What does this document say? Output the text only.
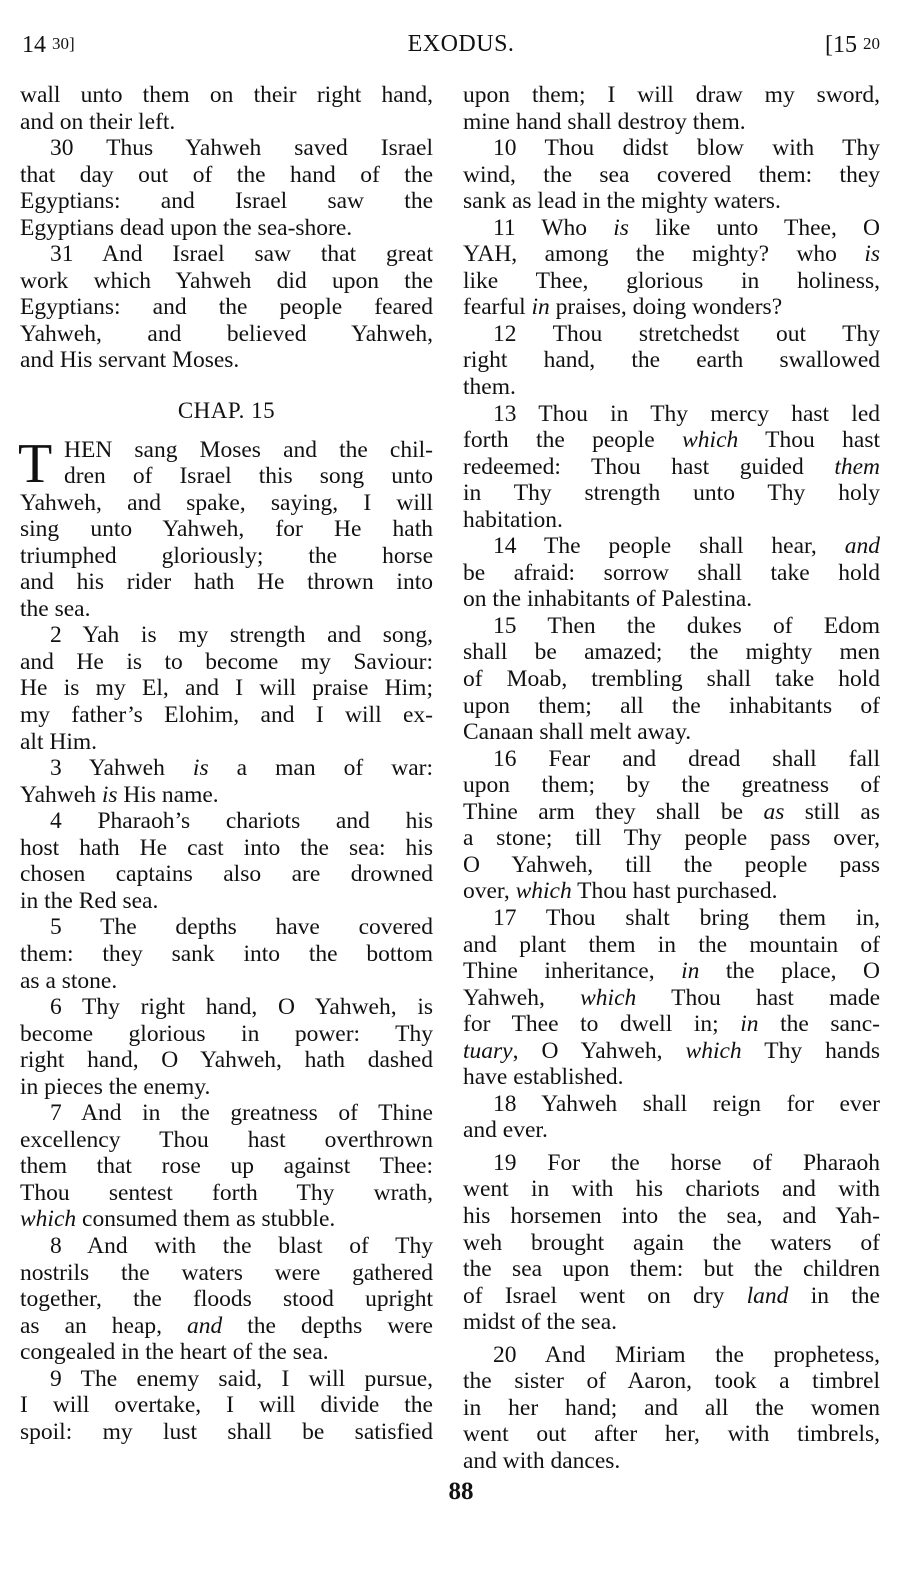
14 30]	EXODUS.	[15 20
wall unto them on their right hand,
and on their left.
30 Thus Yahweh saved Israel
that day out of the hand of the
Egyptians: and Israel saw the
Egyptians dead upon the sea-shore.
31 And Israel saw that great
work which Yahweh did upon the
Egyptians: and the people feared
Yahweh, and believed Yahweh,
and His servant Moses.
CHAP. 15
T HEN sang Moses and the chil-
dren of Israel this song unto
Yahweh, and spake, saying, I will
sing unto Yahweh, for He hath
triumphed gloriously; the horse
and his rider hath He thrown into
the sea.
2 Yah is my strength and song,
and He is to become my Saviour:
He is my El, and I will praise Him;
my father’s Elohim, and I will ex-
alt Him.
3 Yahweh is a man of war:
Yahweh is His name.
4 Pharaoh’s chariots and his
host hath He cast into the sea: his
chosen captains also are drowned
in the Red sea.
5 The depths have covered
them: they sank into the bottom
as a stone.
6 Thy right hand, O Yahweh, is
become glorious in power: Thy
right hand, O Yahweh, hath dashed
in pieces the enemy.
7 And in the greatness of Thine
excellency Thou hast overthrown
them that rose up against Thee:
Thou sentest forth Thy wrath,
which consumed them as stubble.
8 And with the blast of Thy
nostrils the waters were gathered
together, the floods stood upright
as an heap, and the depths were
congealed in the heart of the sea.
9 The enemy said, I will pursue,
I will overtake, I will divide the
spoil: my lust shall be satisfied
upon them; I will draw my sword,
mine hand shall destroy them.
10 Thou didst blow with Thy
wind, the sea covered them: they
sank as lead in the mighty waters.
11 Who is like unto Thee, O
YAH, among the mighty? who is
like Thee, glorious in holiness,
fearful in praises, doing wonders?
12 Thou stretchedst out Thy
right hand, the earth swallowed
them.
13 Thou in Thy mercy hast led
forth the people which Thou hast
redeemed: Thou hast guided them
in Thy strength unto Thy holy
habitation.
14 The people shall hear, and
be afraid: sorrow shall take hold
on the inhabitants of Palestina.
15 Then the dukes of Edom
shall be amazed; the mighty men
of Moab, trembling shall take hold
upon them; all the inhabitants of
Canaan shall melt away.
16 Fear and dread shall fall
upon them; by the greatness of
Thine arm they shall be as still as
a stone; till Thy people pass over,
O Yahweh, till the people pass
over, which Thou hast purchased.
17 Thou shalt bring them in,
and plant them in the mountain of
Thine inheritance, in the place, O
Yahweh, which Thou hast made
for Thee to dwell in; in the sanc-
tuary, O Yahweh, which Thy hands
have established.
18 Yahweh shall reign for ever
and ever.
19 For the horse of Pharaoh
went in with his chariots and with
his horsemen into the sea, and Yah-
weh brought again the waters of
the sea upon them: but the children
of Israel went on dry land in the
midst of the sea.
20 And Miriam the prophetess,
the sister of Aaron, took a timbrel
in her hand; and all the women
went out after her, with timbrels,
and with dances.
88
